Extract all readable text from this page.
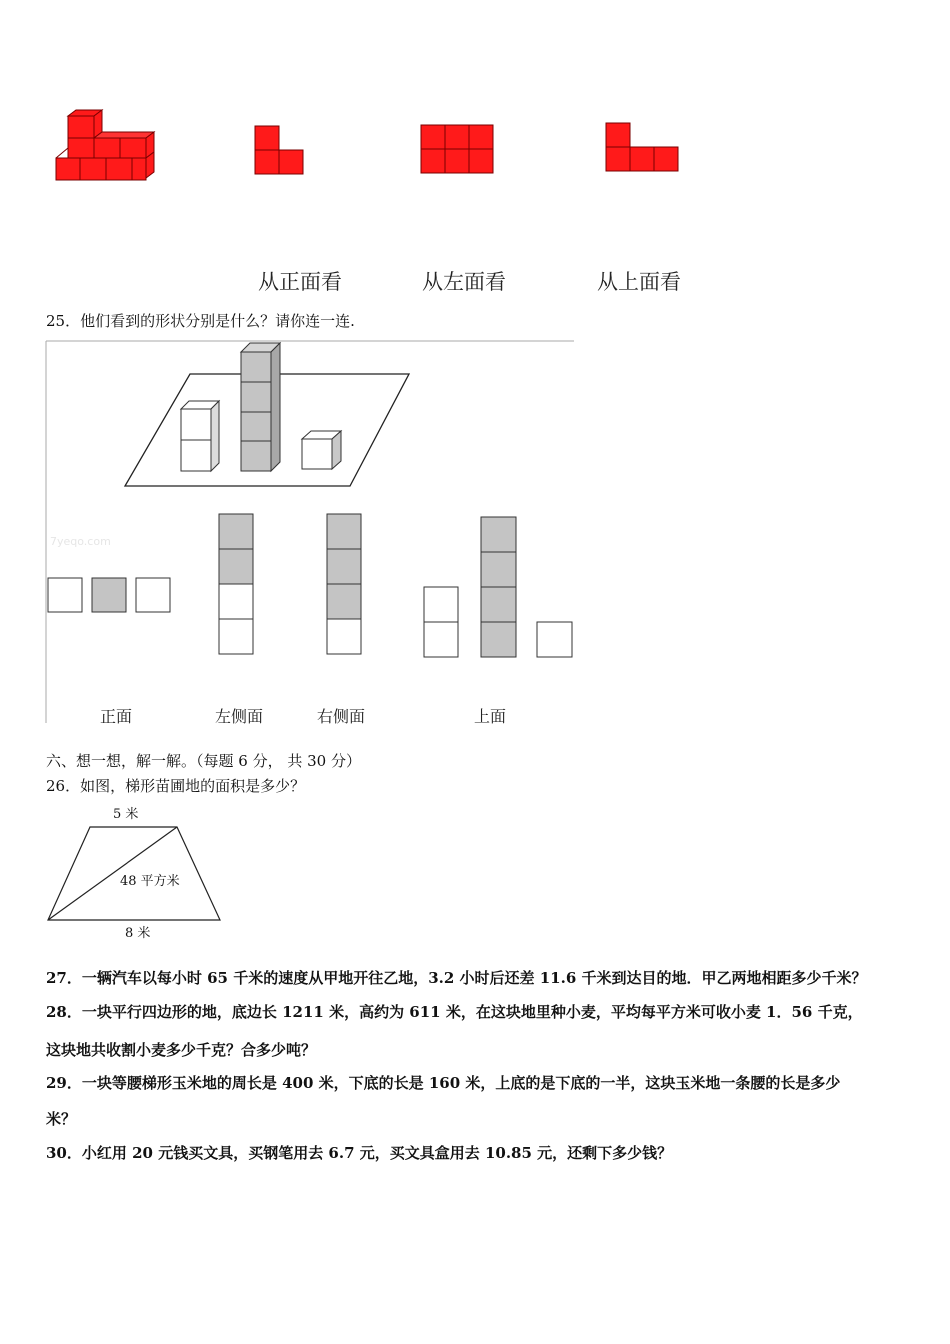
从正面看	从左面看	从上面看
25．他们看到的形状分别是什么？请你连一连.
7yeqo.com
正面	左侧面	右侧面	上面
六、想一想，解一解。（每题 6 分， 共 30 分）
26．如图，梯形苗圃地的面积是多少？
5 米
48 平方米
8 米
27．一辆汽车以每小时 65 千米的速度从甲地开往乙地，3.2 小时后还差 11.6 千米到达目的地．甲乙两地相距多少千米？
28．一块平行四边形的地，底边长 1211 米，高约为 611 米，在这块地里种小麦，平均每平方米可收小麦 1．56 千克，
这块地共收割小麦多少千克？合多少吨？
29．一块等腰梯形玉米地的周长是 400 米，下底的长是 160 米，上底的是下底的一半，这块玉米地一条腰的长是多少
米？
30．小红用 20 元钱买文具，买钢笔用去 6.7 元，买文具盒用去 10.85 元，还剩下多少钱？
